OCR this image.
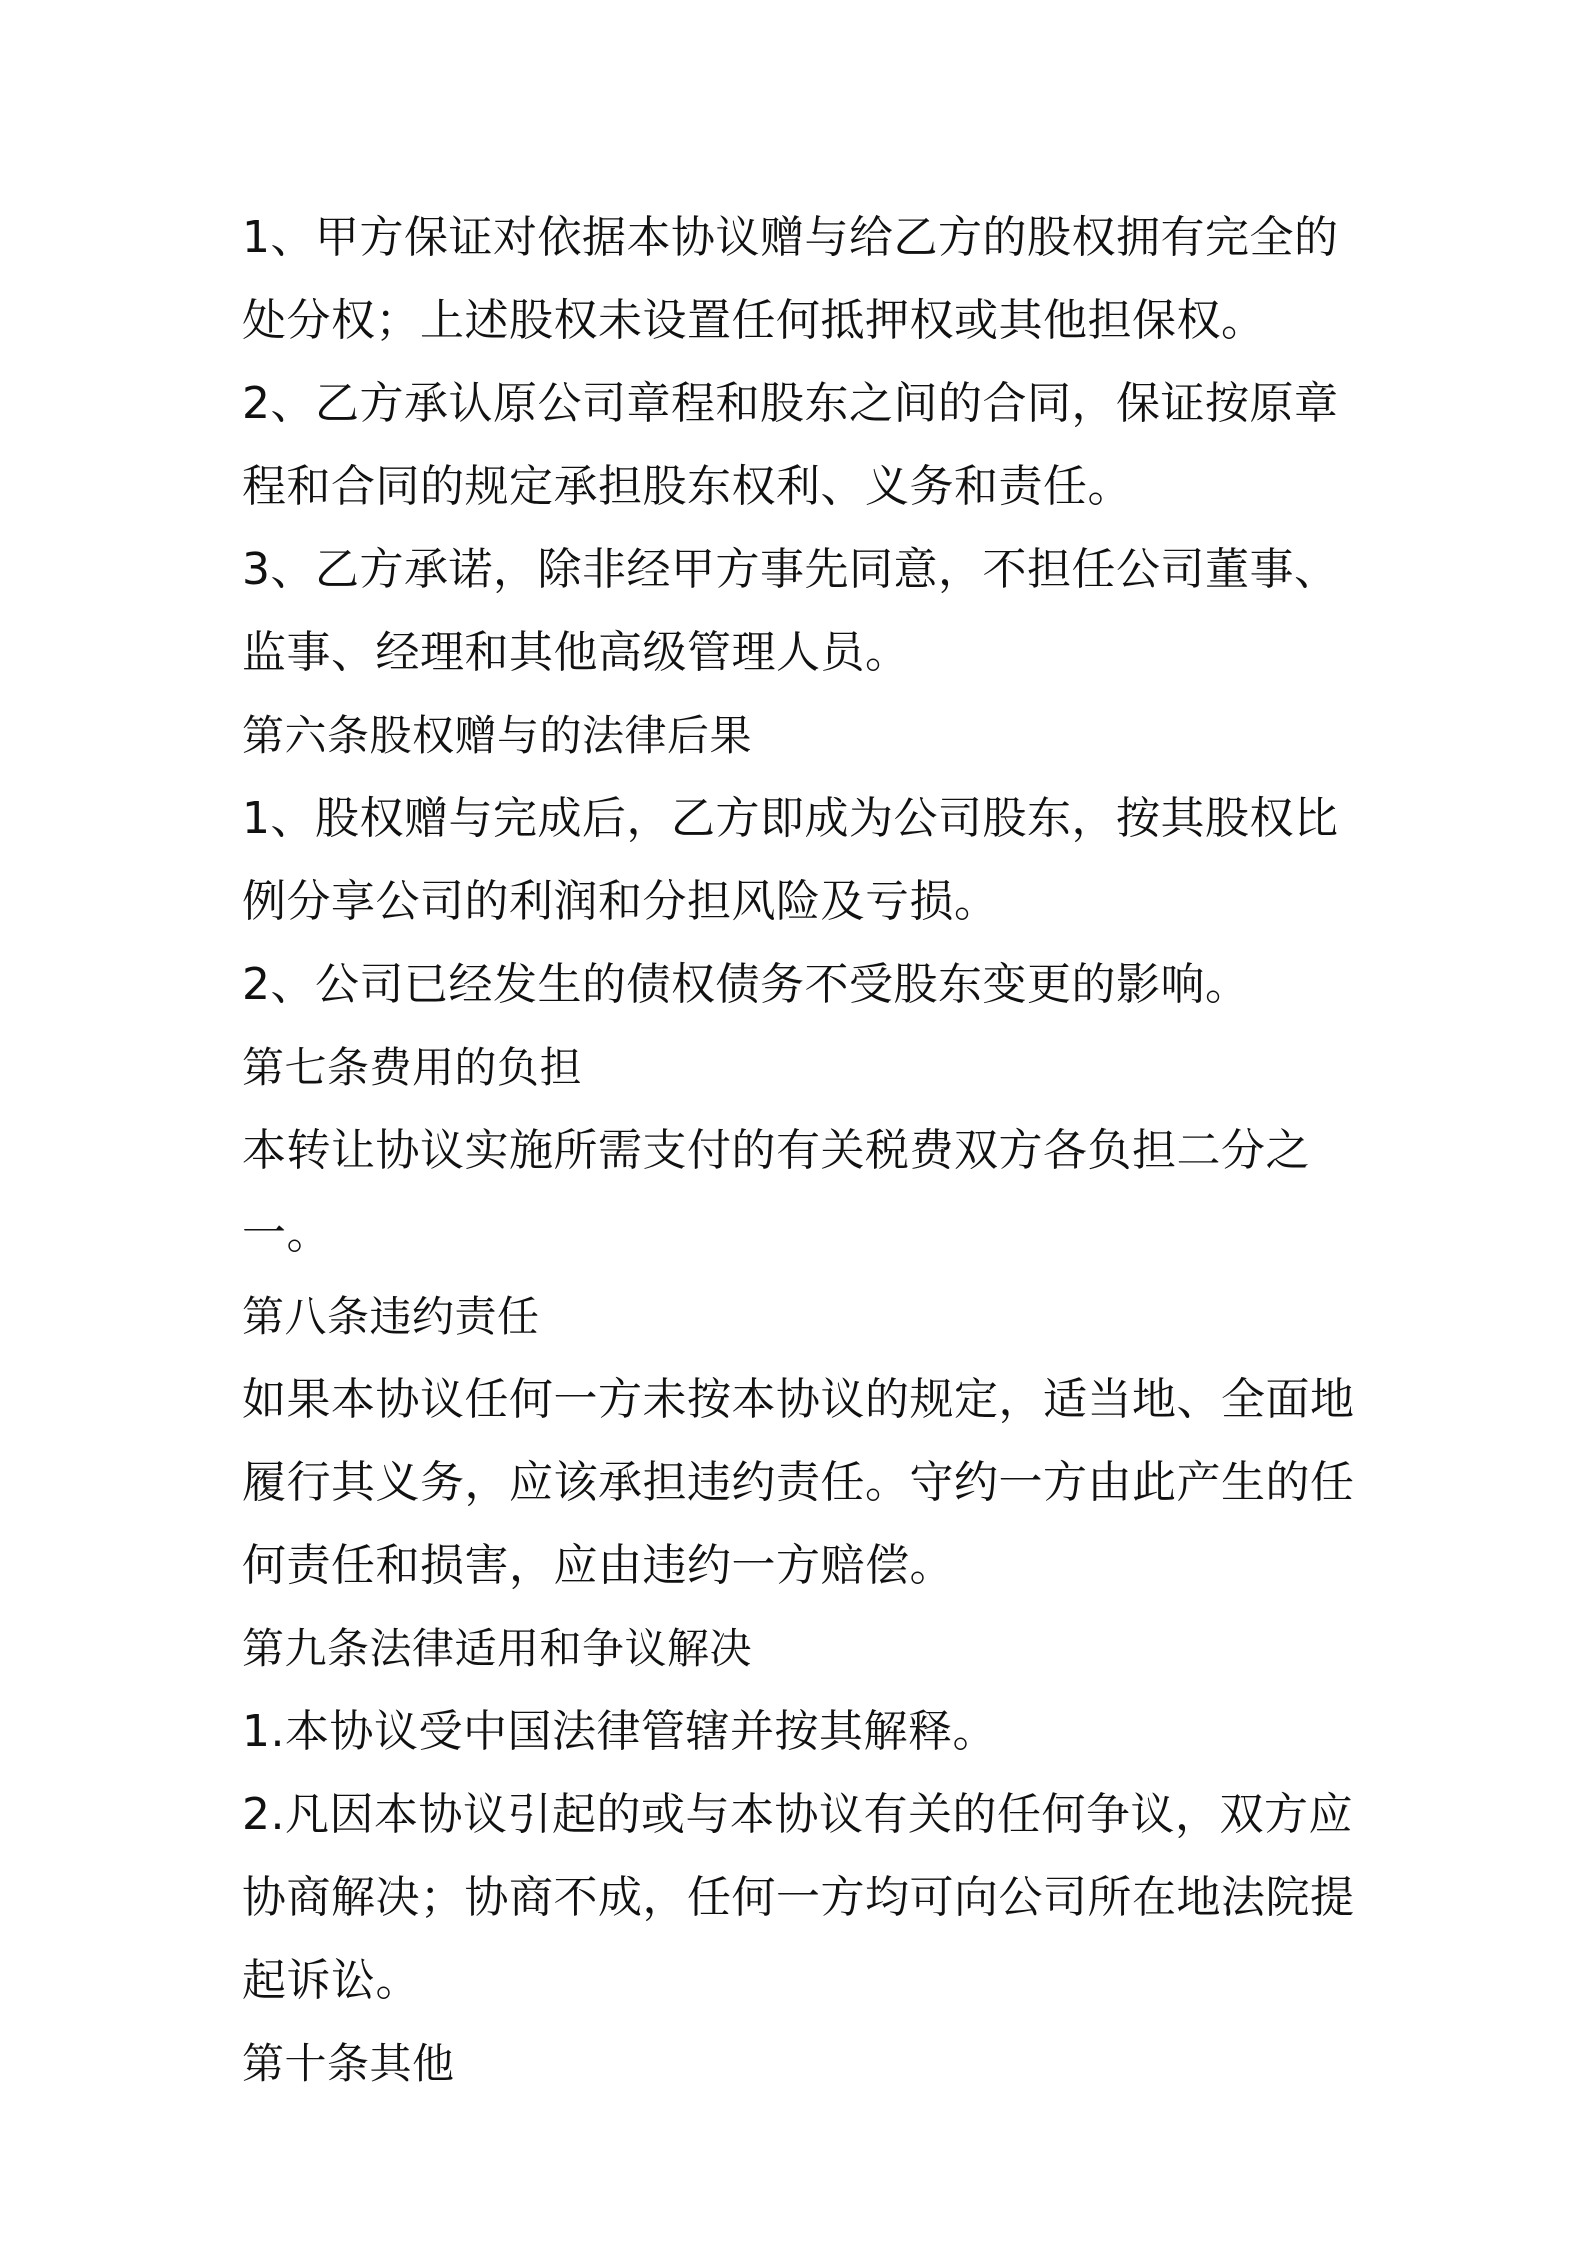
1、甲方保证对依据本协议赠与给乙方的股权拥有完全的处分权；上述股权未设置任何抵押权或其他担保权。

2、乙方承认原公司章程和股东之间的合同，保证按原章程和合同的规定承担股东权利、义务和责任。

3、乙方承诺，除非经甲方事先同意，不担任公司董事、监事、经理和其他高级管理人员。

第六条股权赠与的法律后果

1、股权赠与完成后，乙方即成为公司股东，按其股权比例分享公司的利润和分担风险及亏损。

2、公司已经发生的债权债务不受股东变更的影响。

第七条费用的负担

本转让协议实施所需支付的有关税费双方各负担二分之一。

第八条违约责任

如果本协议任何一方未按本协议的规定，适当地、全面地履行其义务，应该承担违约责任。守约一方由此产生的任何责任和损害，应由违约一方赔偿。

第九条法律适用和争议解决

1.本协议受中国法律管辖并按其解释。

2.凡因本协议引起的或与本协议有关的任何争议，双方应协商解决；协商不成，任何一方均可向公司所在地法院提起诉讼。

第十条其他
